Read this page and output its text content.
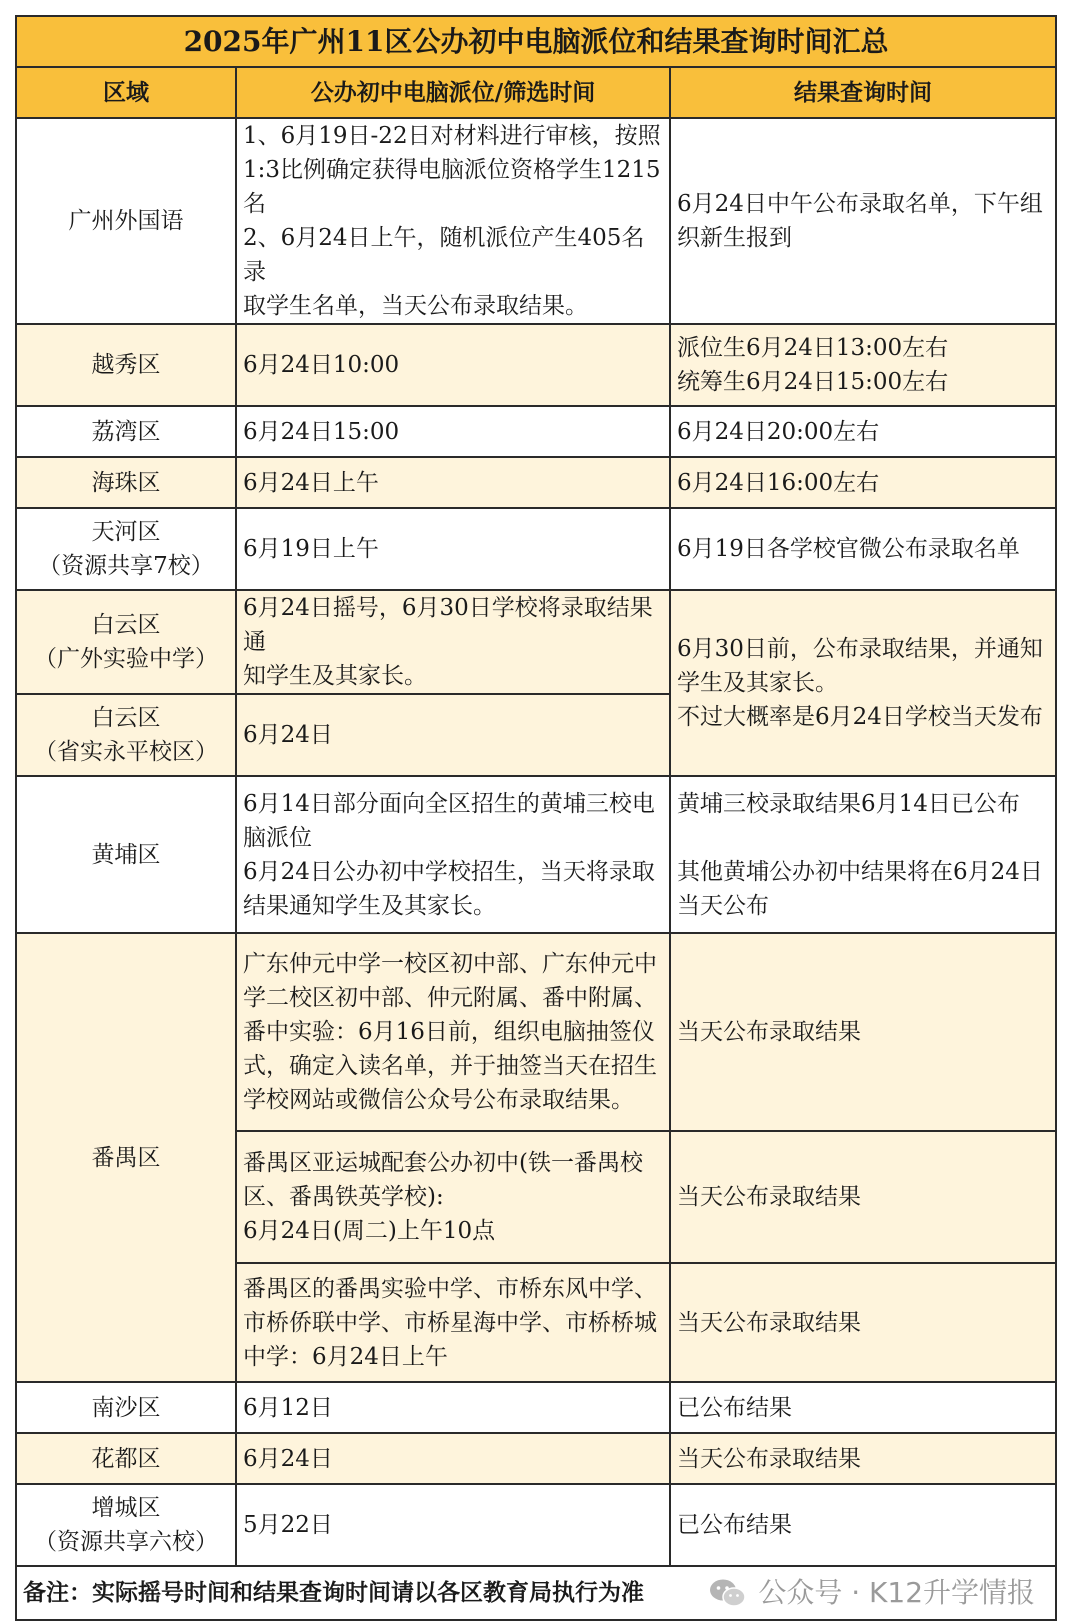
2025年广州11区公办初中电脑派位和结果查询时间汇总		
区域	公办初中电脑派位/筛选时间	结果查询时间
广州外国语	1、6月19日-22日对材料进行审核，按照
1:3比例确定获得电脑派位资格学生1215名
2、6月24日上午，随机派位产生405名录
取学生名单，当天公布录取结果。	6月24日中午公布录取名单，下午组
织新生报到
越秀区	6月24日10:00	派位生6月24日13:00左右
统筹生6月24日15:00左右
荔湾区	6月24日15:00	6月24日20:00左右
海珠区	6月24日上午	6月24日16:00左右
天河区
（资源共享7校）	6月19日上午	6月19日各学校官微公布录取名单
白云区
（广外实验中学）	6月24日摇号，6月30日学校将录取结果通
知学生及其家长。	6月30日前，公布录取结果，并通知
学生及其家长。
不过大概率是6月24日学校当天发布
白云区
（省实永平校区）	6月24日	
黄埔区	6月14日部分面向全区招生的黄埔三校电
脑派位
6月24日公办初中学校招生，当天将录取
结果通知学生及其家长。	黄埔三校录取结果6月14日已公布

其他黄埔公办初中结果将在6月24日
当天公布
番禺区	广东仲元中学一校区初中部、广东仲元中
学二校区初中部、仲元附属、番中附属、
番中实验：6月16日前，组织电脑抽签仪
式，确定入读名单，并于抽签当天在招生
学校网站或微信公众号公布录取结果。	当天公布录取结果
	番禺区亚运城配套公办初中(铁一番禺校
区、番禺铁英学校):
6月24日(周二)上午10点	当天公布录取结果
	番禺区的番禺实验中学、市桥东风中学、
市桥侨联中学、市桥星海中学、市桥桥城
中学：6月24日上午	当天公布录取结果
南沙区	6月12日	已公布结果
花都区	6月24日	当天公布录取结果
增城区
（资源共享六校）	5月22日	已公布结果

备注：实际摇号时间和结果查询时间请以各区教育局执行为准 公众号 · K12升学情报		
